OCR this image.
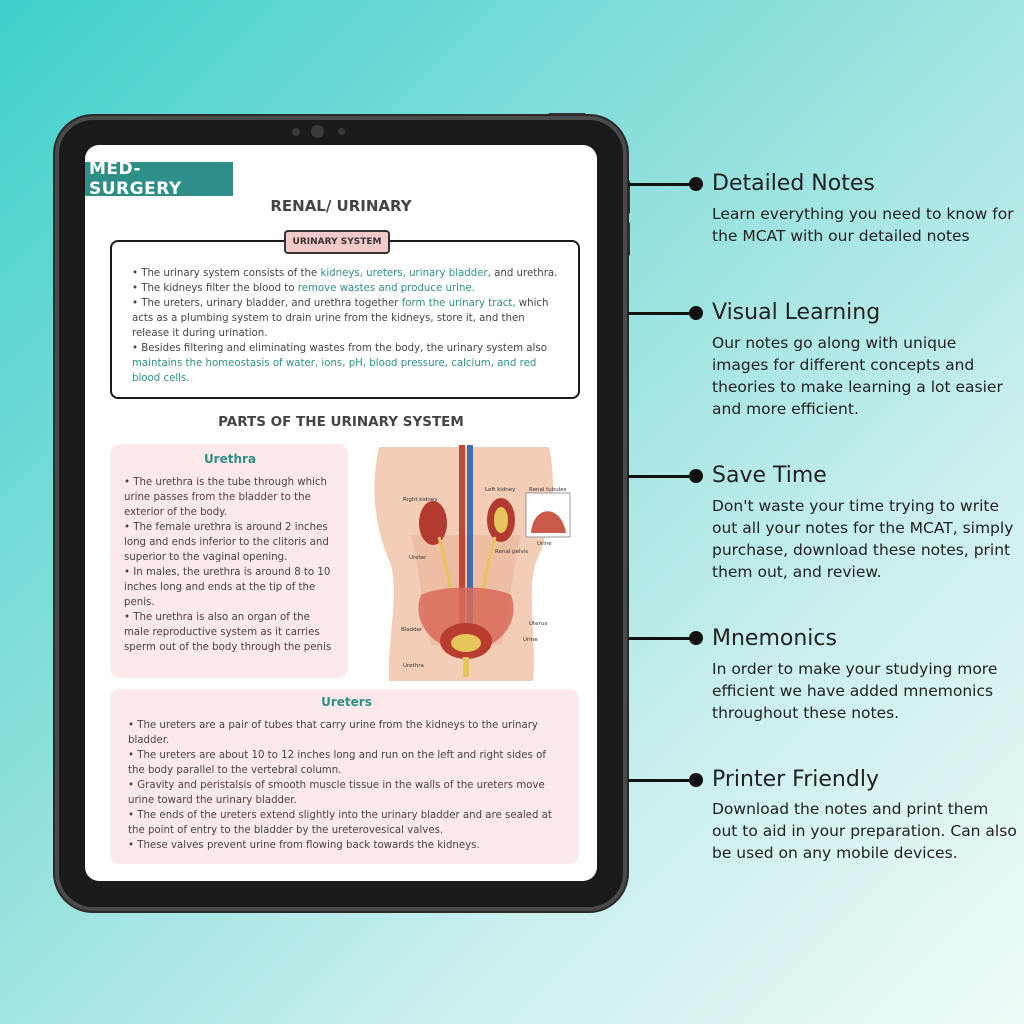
MED-SURGERY
RENAL/ URINARY
URINARY SYSTEM
• The urinary system consists of the kidneys, ureters, urinary bladder, and urethra.
• The kidneys filter the blood to remove wastes and produce urine.
• The ureters, urinary bladder, and urethra together form the urinary tract, which acts as a plumbing system to drain urine from the kidneys, store it, and then release it during urination.
• Besides filtering and eliminating wastes from the body, the urinary system also maintains the homeostasis of water, ions, pH, blood pressure, calcium, and red blood cells.
PARTS OF THE URINARY SYSTEM
Urethra
• The urethra is the tube through which urine passes from the bladder to the exterior of the body.
• The female urethra is around 2 inches long and ends inferior to the clitoris and superior to the vaginal opening.
• In males, the urethra is around 8 to 10 inches long and ends at the tip of the penis.
• The urethra is also an organ of the male reproductive system as it carries sperm out of the body through the penis
Right kidney
Left kidney Renal tubules
Urine
Ureter
Renal pelvis
Bladder
Uterus
Urine
Urethra
Ureters
• The ureters are a pair of tubes that carry urine from the kidneys to the urinary bladder.
• The ureters are about 10 to 12 inches long and run on the left and right sides of the body parallel to the vertebral column.
• Gravity and peristalsis of smooth muscle tissue in the walls of the ureters move urine toward the urinary bladder.
• The ends of the ureters extend slightly into the urinary bladder and are sealed at the point of entry to the bladder by the ureterovesical valves.
• These valves prevent urine from flowing back towards the kidneys.
Detailed Notes
Learn everything you need to know for the MCAT with our detailed notes
Visual Learning
Our notes go along with unique images for different concepts and theories to make learning a lot easier and more efficient.
Save Time
Don't waste your time trying to write out all your notes for the MCAT, simply purchase, download these notes, print them out, and review.
Mnemonics
In order to make your studying more efficient we have added mnemonics throughout these notes.
Printer Friendly
Download the notes and print them out to aid in your preparation. Can also be used on any mobile devices.
